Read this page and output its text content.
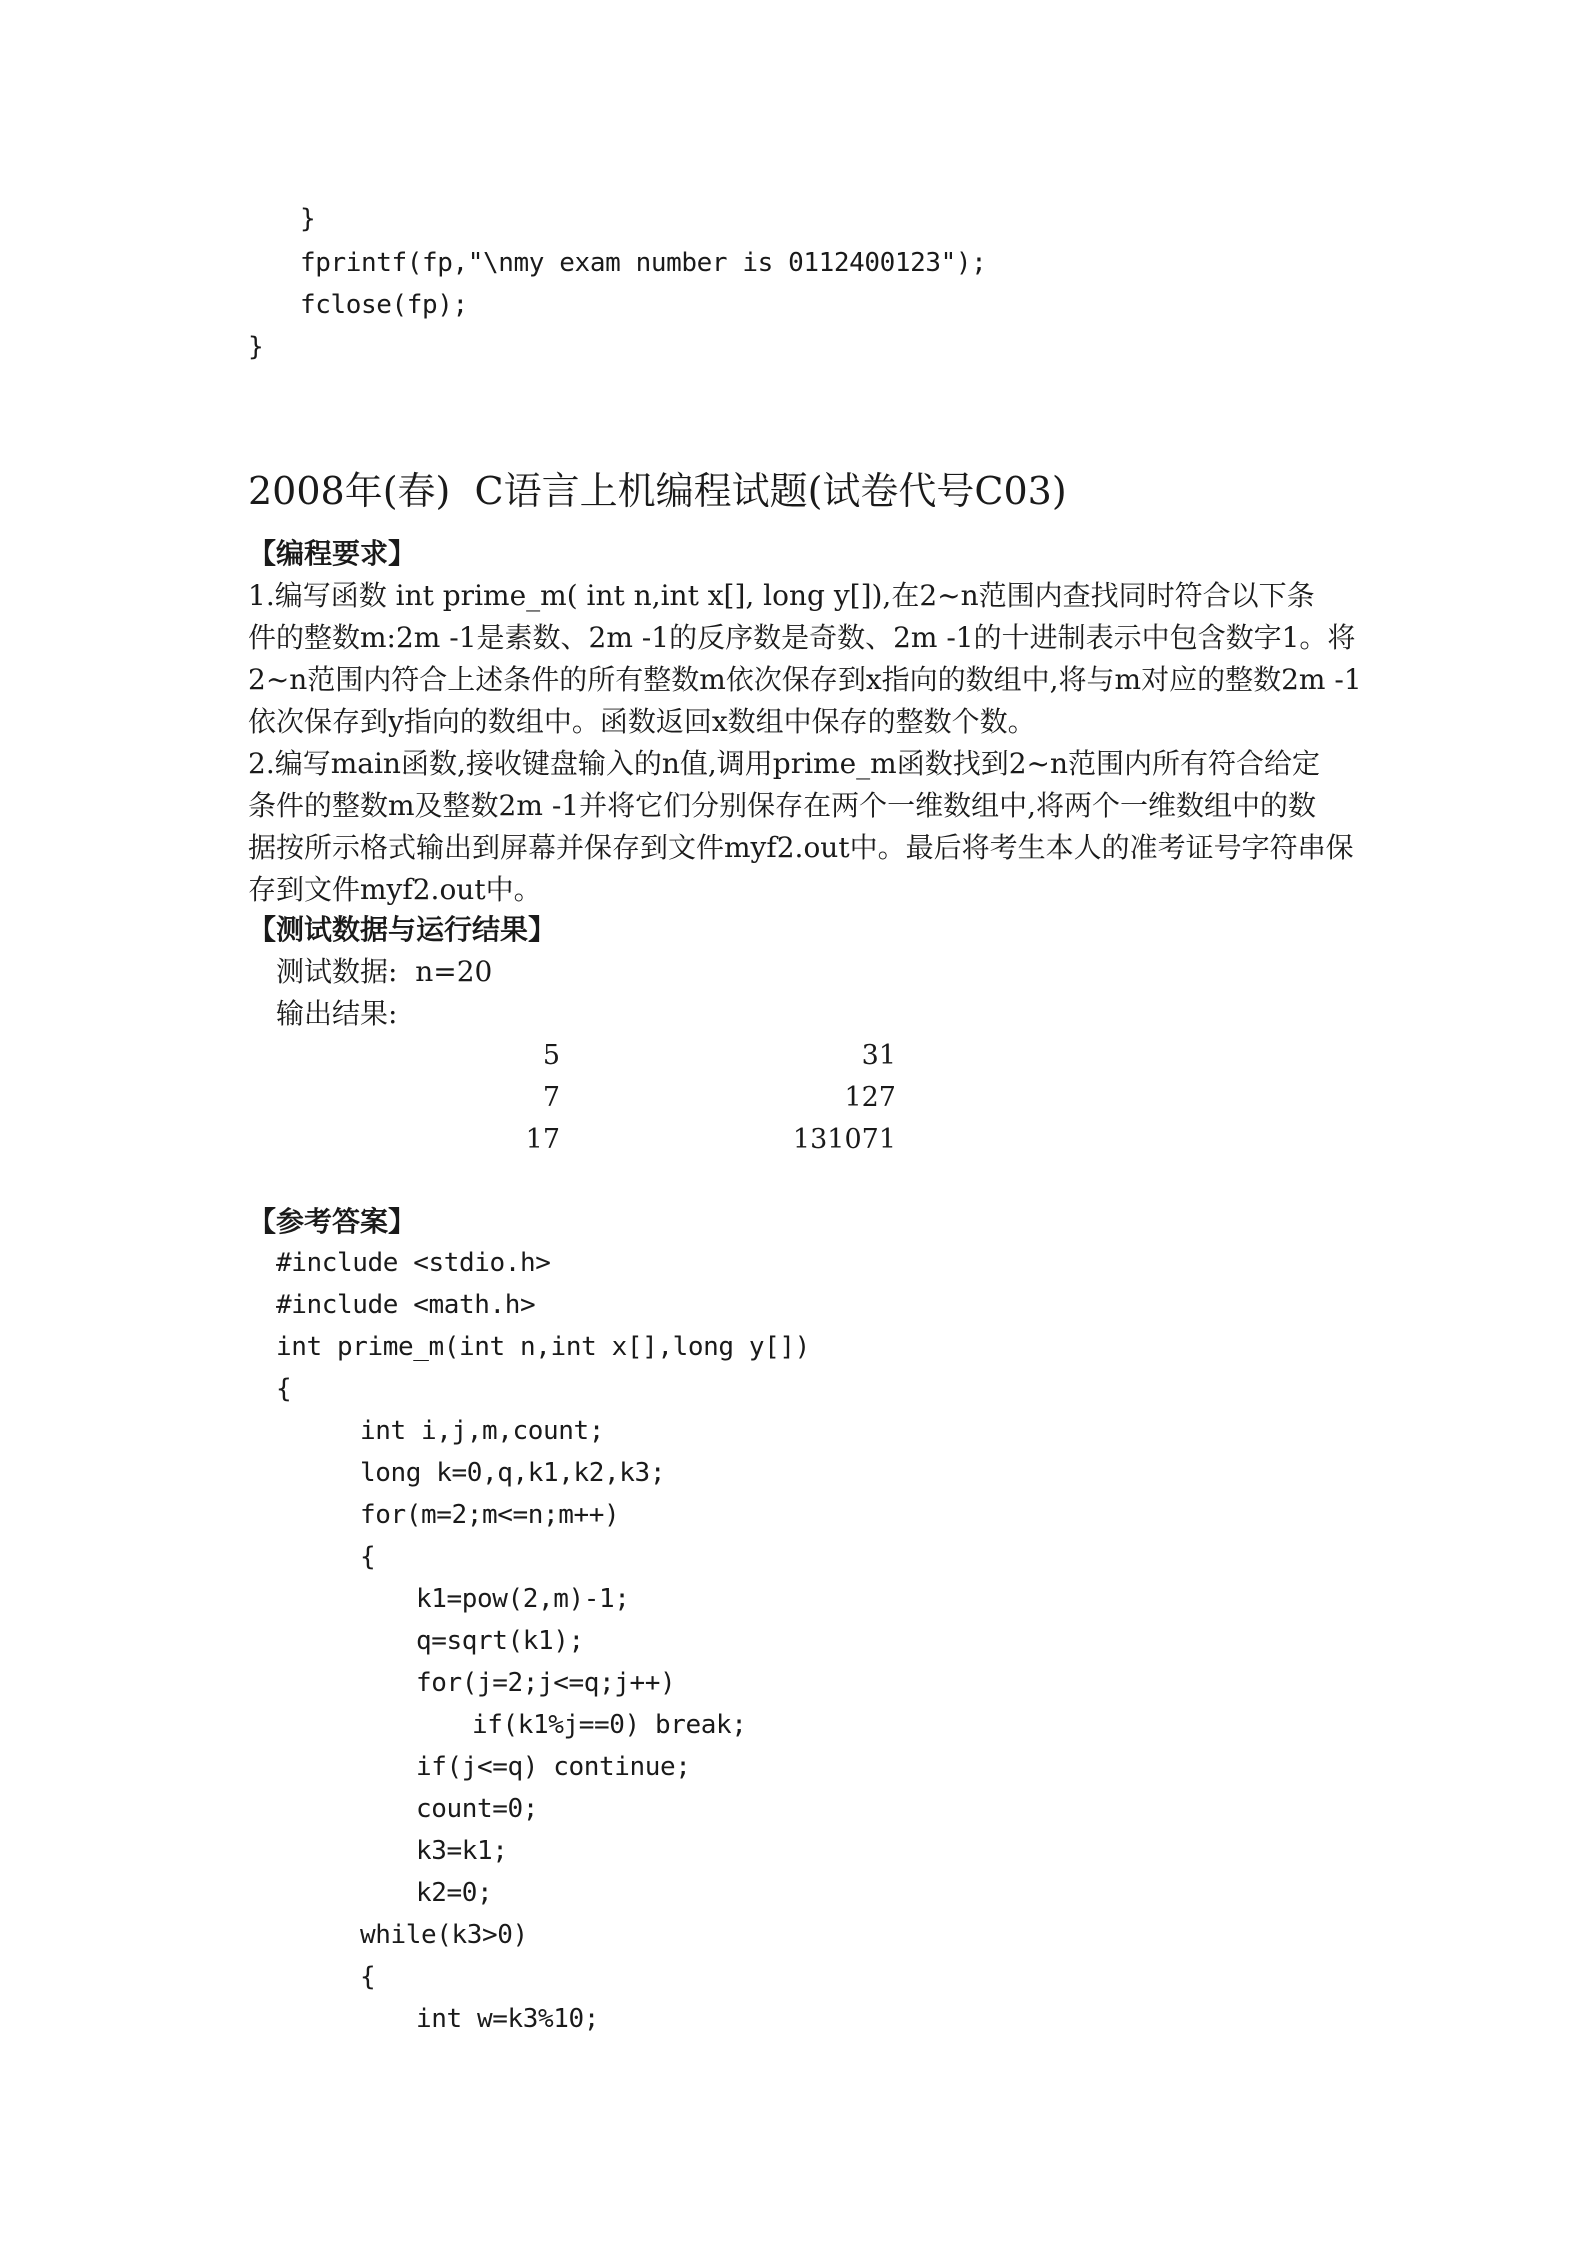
}
fprintf(fp,"\nmy exam number is 0112400123");
fclose(fp);
}
2008年(春)  C语言上机编程试题(试卷代号C03)
【编程要求】
1.编写函数 int prime_m( int n,int x[], long y[]),在2~n范围内查找同时符合以下条
件的整数m:2m -1是素数、2m -1的反序数是奇数、2m -1的十进制表示中包含数字1。将
2~n范围内符合上述条件的所有整数m依次保存到x指向的数组中,将与m对应的整数2m -1
依次保存到y指向的数组中。函数返回x数组中保存的整数个数。
2.编写main函数,接收键盘输入的n值,调用prime_m函数找到2~n范围内所有符合给定
条件的整数m及整数2m -1并将它们分别保存在两个一维数组中,将两个一维数组中的数
据按所示格式输出到屏幕并保存到文件myf2.out中。最后将考生本人的准考证号字符串保
存到文件myf2.out中。
【测试数据与运行结果】
测试数据:  n=20
输出结果:
5	31
7	127
17	131071
【参考答案】
#include <stdio.h>
#include <math.h>
int prime_m(int n,int x[],long y[])
{
int i,j,m,count;
long k=0,q,k1,k2,k3;
for(m=2;m<=n;m++)
{
k1=pow(2,m)-1;
q=sqrt(k1);
for(j=2;j<=q;j++)
if(k1%j==0) break;
if(j<=q) continue;
count=0;
k3=k1;
k2=0;
while(k3>0)
{
int w=k3%10;
